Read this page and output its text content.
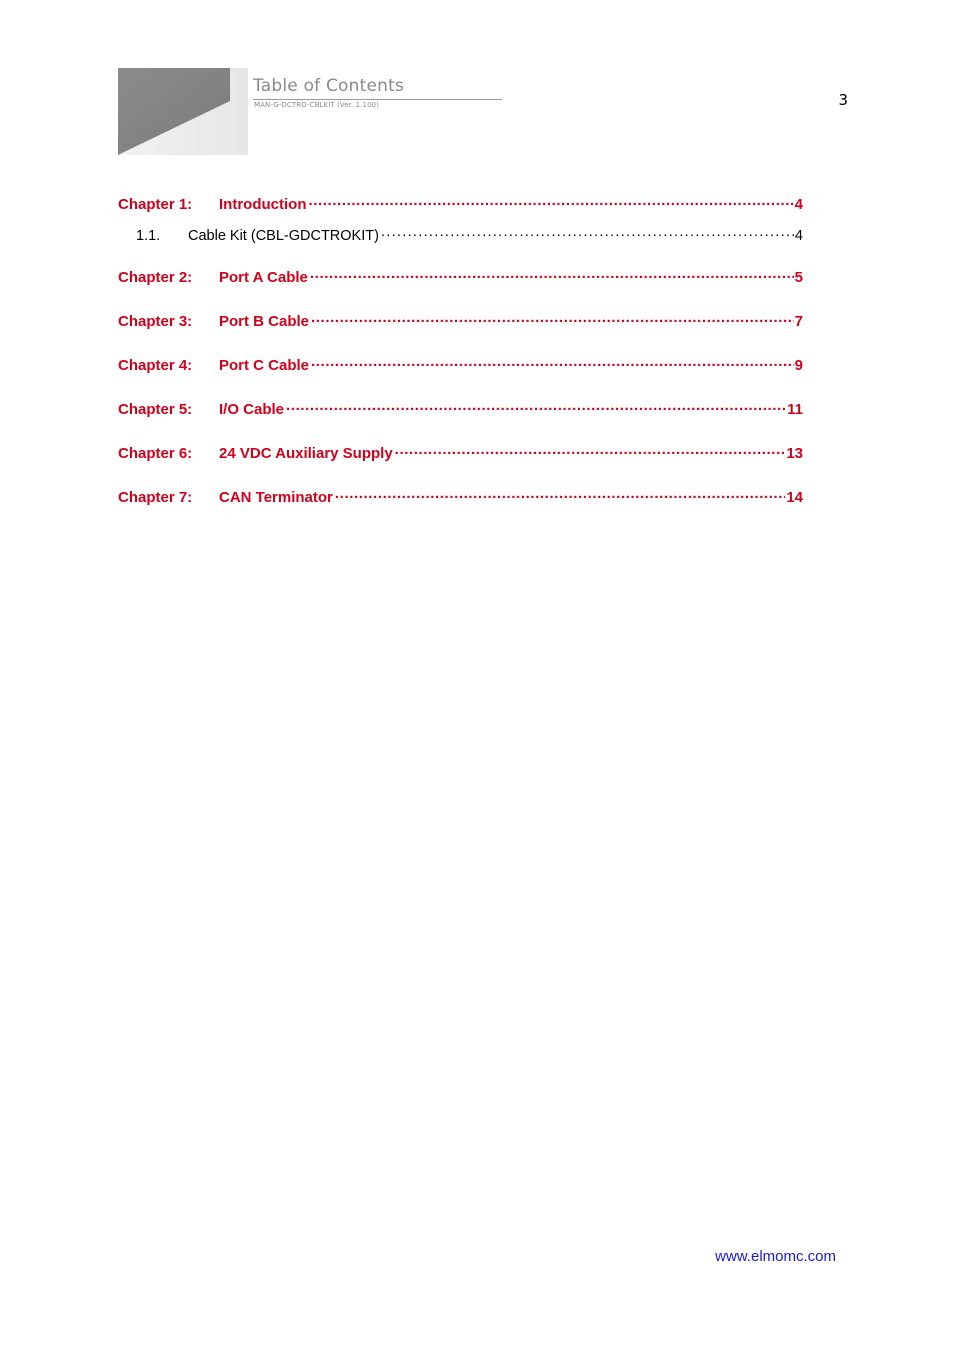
Table of Contents
MAN-G-DCTRO-CBLKIT (Ver. 1.100)	3
Chapter 1:	Introduction .....	4
1.1.	Cable Kit (CBL-GDCTROKIT) .....	4
Chapter 2:	Port A Cable .....	5
Chapter 3:	Port B Cable .....	7
Chapter 4:	Port C Cable .....	9
Chapter 5:	I/O Cable .....	11
Chapter 6:	24 VDC Auxiliary Supply .....	13
Chapter 7:	CAN Terminator .....	14
www.elmomc.com
